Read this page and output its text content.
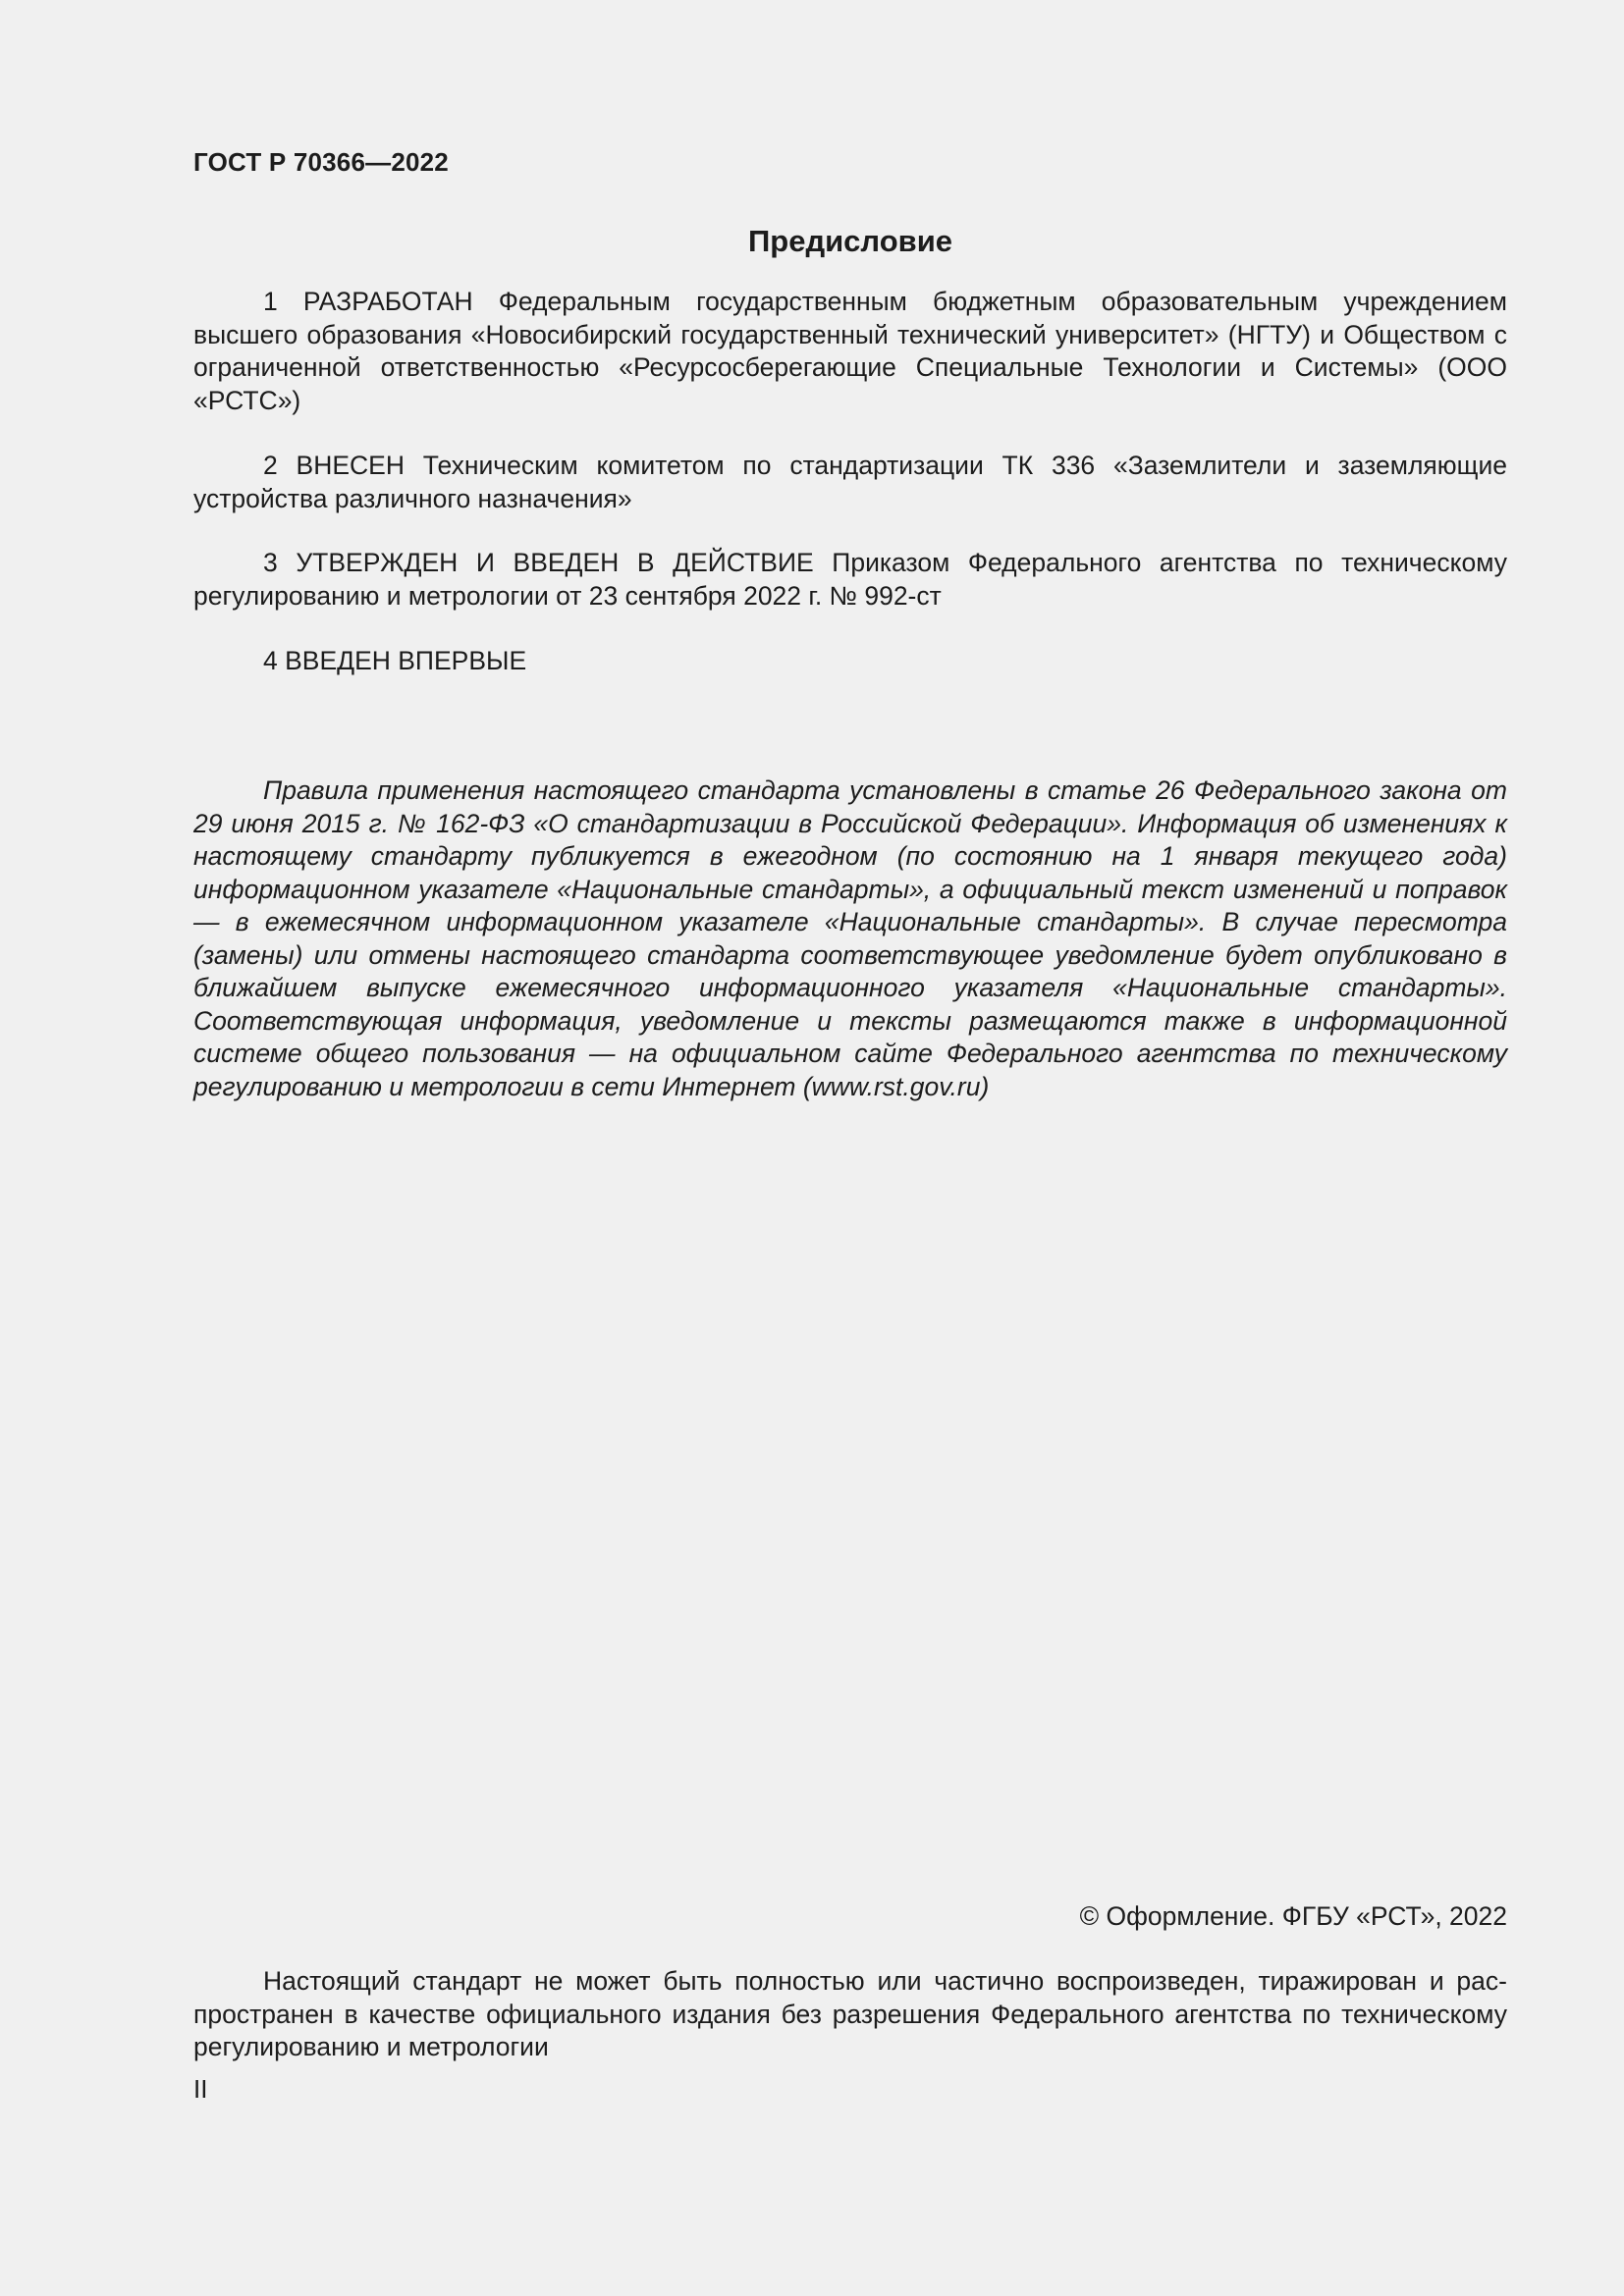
ГОСТ Р 70366—2022
Предисловие

1 РАЗРАБОТАН Федеральным государственным бюджетным образовательным учреждением высшего образования «Новосибирский государственный технический университет» (НГТУ) и Обществом с ограниченной ответственностью «Ресурсосберегающие Специальные Технологии и Системы» (ООО «РСТС»)

2 ВНЕСЕН Техническим комитетом по стандартизации ТК 336 «Заземлители и заземляющие устройства различного назначения»

3 УТВЕРЖДЕН И ВВЕДЕН В ДЕЙСТВИЕ Приказом Федерального агентства по техническому регулированию и метрологии от 23 сентября 2022 г. № 992-ст

4 ВВЕДЕН ВПЕРВЫЕ

Правила применения настоящего стандарта установлены в статье 26 Федерального закона от 29 июня 2015 г. № 162-ФЗ «О стандартизации в Российской Федерации». Информация об изменениях к настоящему стандарту публикуется в ежегодном (по состоянию на 1 января текущего года) информационном указателе «Национальные стандарты», а официальный текст изменений и поправок — в ежемесячном информационном указателе «Национальные стандарты». В случае пересмотра (замены) или отмены настоящего стандарта соответствующее уведомление будет опубликовано в ближайшем выпуске ежемесячного информационного указателя «Национальные стандарты». Соответствующая информация, уведомление и тексты размещаются также в информационной системе общего пользования — на официальном сайте Федерального агентства по техническому регулированию и метрологии в сети Интернет (www.rst.gov.ru)

© Оформление. ФГБУ «РСТ», 2022

Настоящий стандарт не может быть полностью или частично воспроизведен, тиражирован и распространен в качестве официального издания без разрешения Федерального агентства по техническому регулированию и метрологии

II
